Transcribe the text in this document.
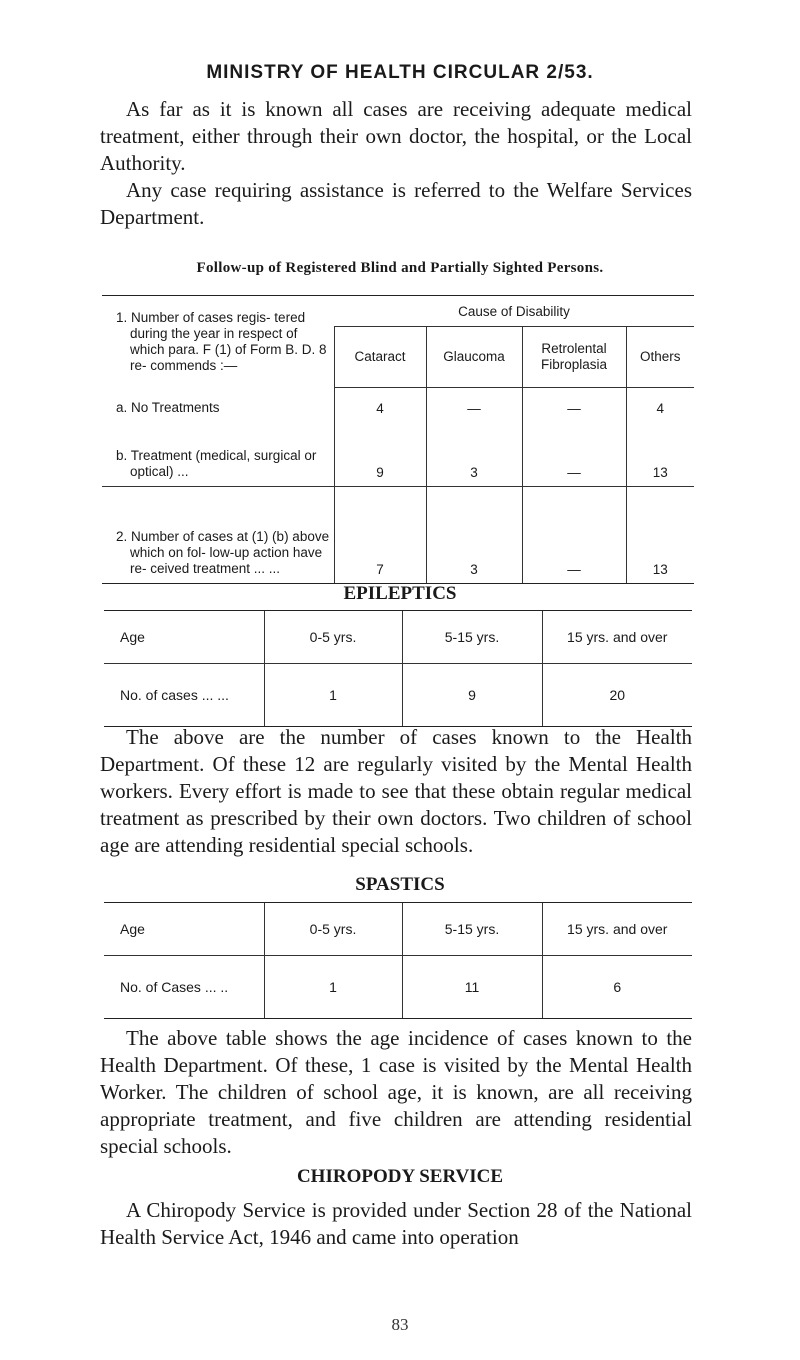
MINISTRY OF HEALTH CIRCULAR 2/53.

As far as it is known all cases are receiving adequate medical treatment, either through their own doctor, the hospital, or the Local Authority.

Any case requiring assistance is referred to the Welfare Services Department.

Follow-up of Registered Blind and Partially Sighted Persons.
1. Number of cases regis- tered during the year in respect of which para. F (1) of Form B. D. 8 re- commends :—	Cause of Disability			
	Cataract	Glaucoma	Retrolental Fibroplasia	Others
a. No Treatments	4	—	—	4

b. Treatment (medical, surgical or optical) ...	9	3	—	13

2. Number of cases at (1) (b) above which on fol- low-up action have re- ceived treatment ... ...	7	3	—	13
EPILEPTICS
Age	0-5 yrs.	5-15 yrs.	15 yrs. and over
No. of cases ... ...	1	9	20

The above are the number of cases known to the Health Department. Of these 12 are regularly visited by the Mental Health workers. Every effort is made to see that these obtain regular medical treatment as prescribed by their own doctors. Two children of school age are attending residential special schools.

SPASTICS
Age	0-5 yrs.	5-15 yrs.	15 yrs. and over
No. of Cases ... ..	1	11	6

The above table shows the age incidence of cases known to the Health Department. Of these, 1 case is visited by the Mental Health Worker. The children of school age, it is known, are all receiving appropriate treatment, and five children are attending residential special schools.

CHIROPODY SERVICE

A Chiropody Service is provided under Section 28 of the National Health Service Act, 1946 and came into operation

83
